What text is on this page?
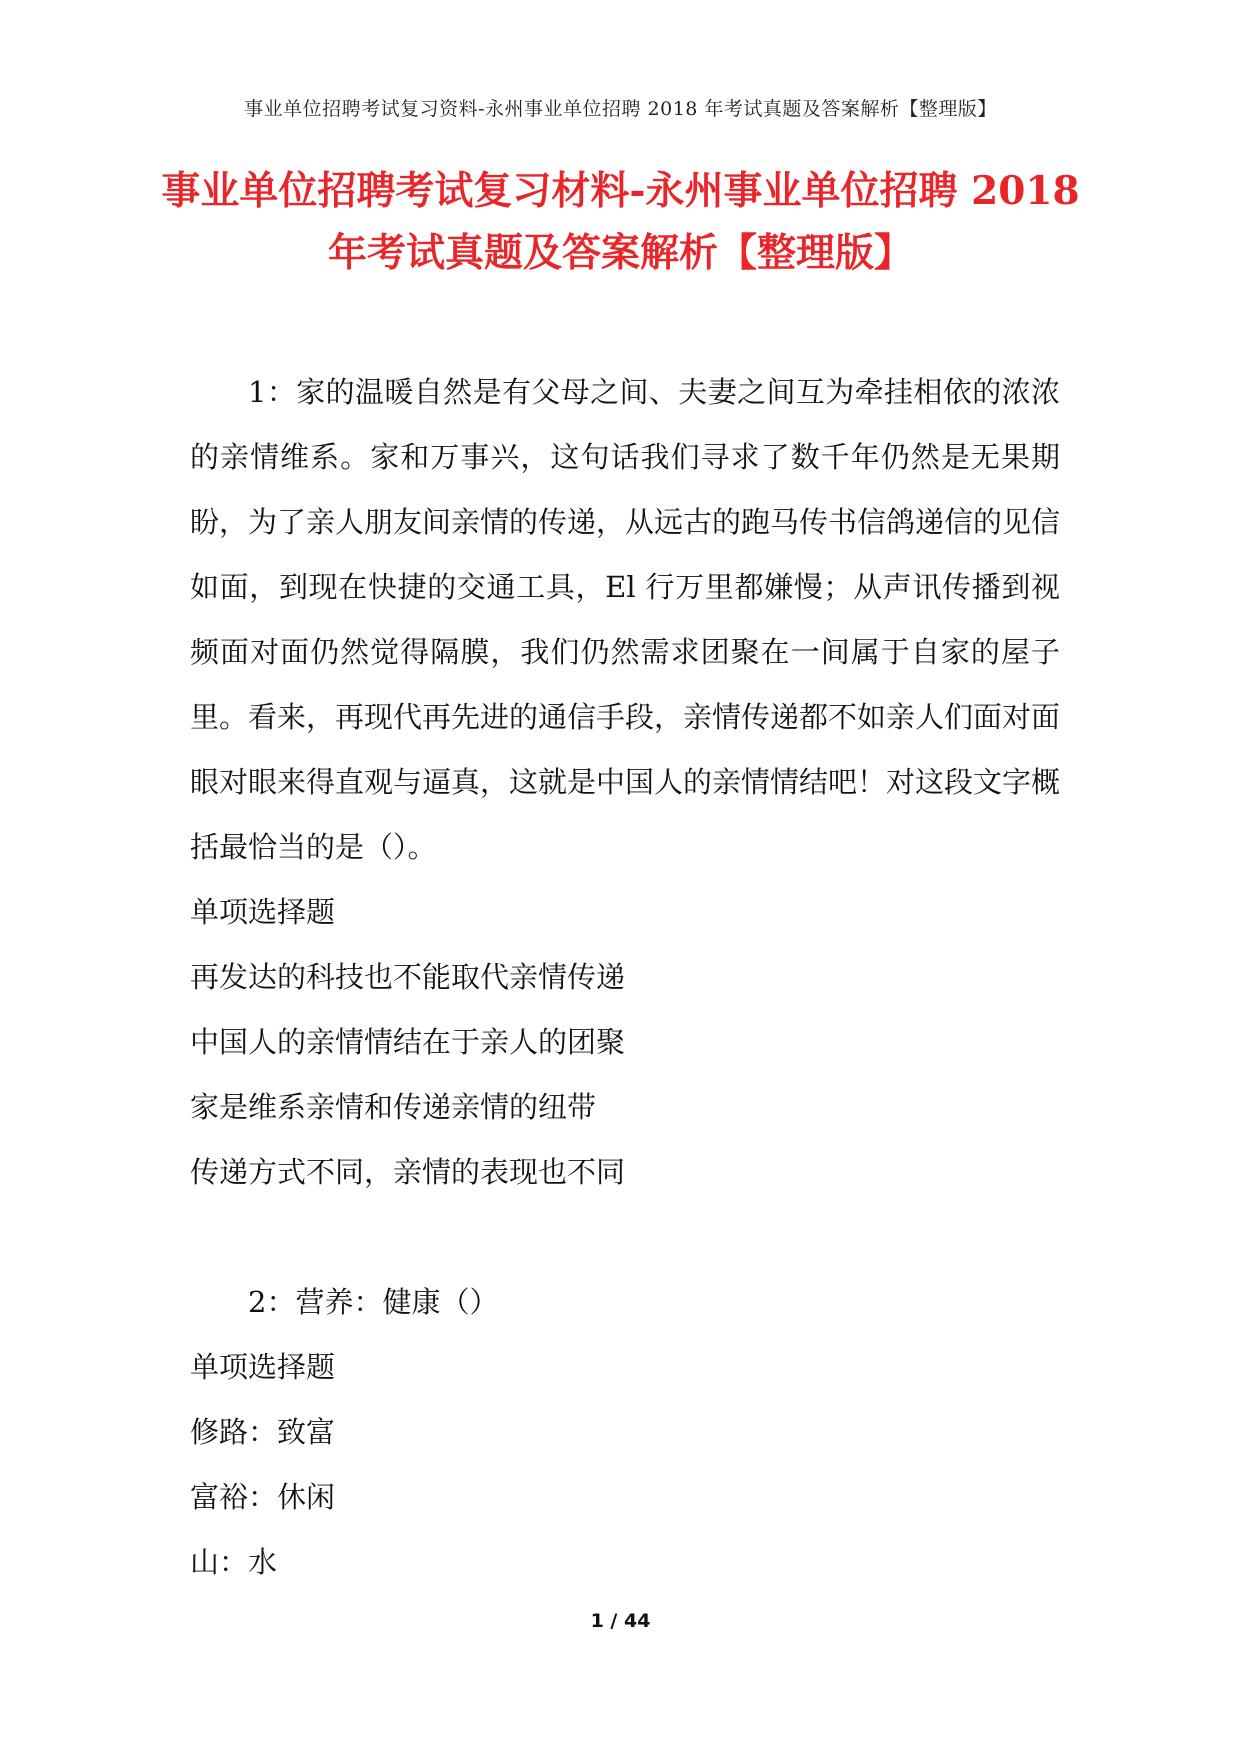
事业单位招聘考试复习资料-永州事业单位招聘 2018 年考试真题及答案解析【整理版】
事业单位招聘考试复习材料-永州事业单位招聘 2018
年考试真题及答案解析【整理版】

1：家的温暖自然是有父母之间、夫妻之间互为牵挂相依的浓浓的亲情维系。家和万事兴，这句话我们寻求了数千年仍然是无果期盼，为了亲人朋友间亲情的传递，从远古的跑马传书信鸽递信的见信如面，到现在快捷的交通工具，El 行万里都嫌慢；从声讯传播到视频面对面仍然觉得隔膜，我们仍然需求团聚在一间属于自家的屋子里。看来，再现代再先进的通信手段，亲情传递都不如亲人们面对面眼对眼来得直观与逼真，这就是中国人的亲情情结吧！对这段文字概括最恰当的是（）。

单项选择题

再发达的科技也不能取代亲情传递

中国人的亲情情结在于亲人的团聚

家是维系亲情和传递亲情的纽带

传递方式不同，亲情的表现也不同

2：营养：健康（）

单项选择题

修路：致富

富裕：休闲

山：水

1 / 44
